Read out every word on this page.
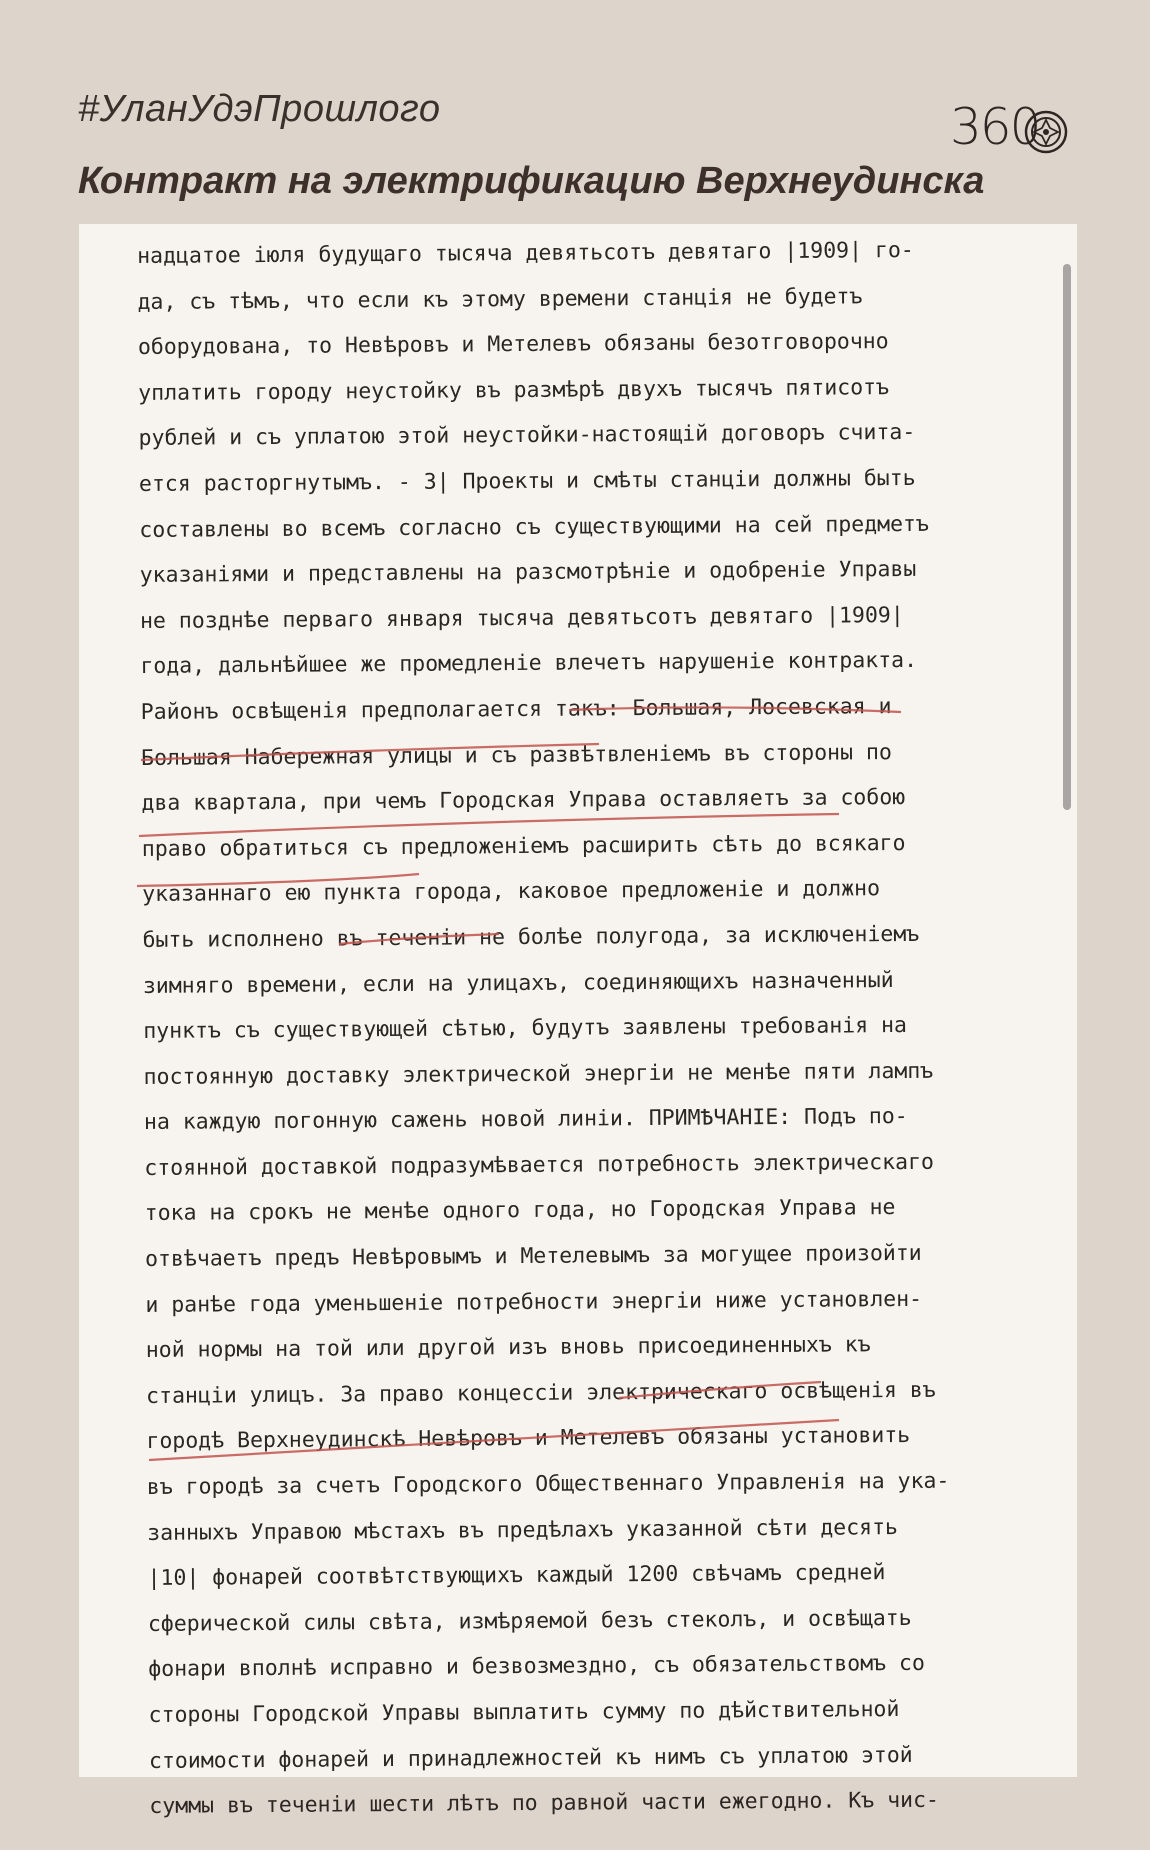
#УланУдэПрошлого	360
Контракт на электрификацию Верхнеудинска
надцатое iюля будущаго тысяча девятьсотъ девятаго |1909| го-
да, съ тѣмъ, что если къ этому времени станцiя не будетъ
оборудована, то Невѣровъ и Метелевъ обязаны безотговорочно
уплатить городу неустойку въ размѣрѣ двухъ тысячъ пятисотъ
рублей и съ уплатою этой неустойки-настоящiй договоръ счита-
ется расторгнутымъ. - 3| Проекты и смѣты станцiи должны быть
составлены во всемъ согласно съ существующими на сей предметъ
указанiями и представлены на разсмотрѣнiе и одобренiе Управы
не позднѣе перваго января тысяча девятьсотъ девятаго |1909|
года, дальнѣйшее же промедленiе влечетъ нарушенiе контракта.
Районъ освѣщенiя предполагается такъ: Большая, Лосевская и
Большая Набережная улицы и съ развѣтвленiемъ въ стороны по
два квартала, при чемъ Городская Управа оставляетъ за собою
право обратиться съ предложенiемъ расширить сѣть до всякаго
указаннаго ею пункта города, каковое предложенiе и должно
быть исполнено въ теченiи не болѣе полугода, за исключенiемъ
зимняго времени, если на улицахъ, соединяющихъ назначенный
пунктъ съ существующей сѣтью, будутъ заявлены требованiя на
постоянную доставку электрической энергiи не менѣе пяти лампъ
на каждую погонную сажень новой линiи. ПРИМѢЧАНIЕ: Подъ по-
стоянной доставкой подразумѣвается потребность электрическаго
тока на срокъ не менѣе одного года, но Городская Управа не
отвѣчаетъ предъ Невѣровымъ и Метелевымъ за могущее произойти
и ранѣе года уменьшенiе потребности энергiи ниже установлен-
ной нормы на той или другой изъ вновь присоединенныхъ къ
станцiи улицъ. За право концессiи электрическаго освѣщенiя въ
городѣ Верхнеудинскѣ Невѣровъ и Метелевъ обязаны установить
въ городѣ за счетъ Городского Общественнаго Управленiя на ука-
занныхъ Управою мѣстахъ въ предѣлахъ указанной сѣти десять
|10| фонарей соотвѣтствующихъ каждый 1200 свѣчамъ средней
сферической силы свѣта, измѣряемой безъ стеколъ, и освѣщать
фонари вполнѣ исправно и безвозмездно, съ обязательствомъ со
стороны Городской Управы выплатить сумму по дѣйствительной
стоимости фонарей и принадлежностей къ нимъ съ уплатою этой
суммы въ теченiи шести лѣтъ по равной части ежегодно. Къ чис-
